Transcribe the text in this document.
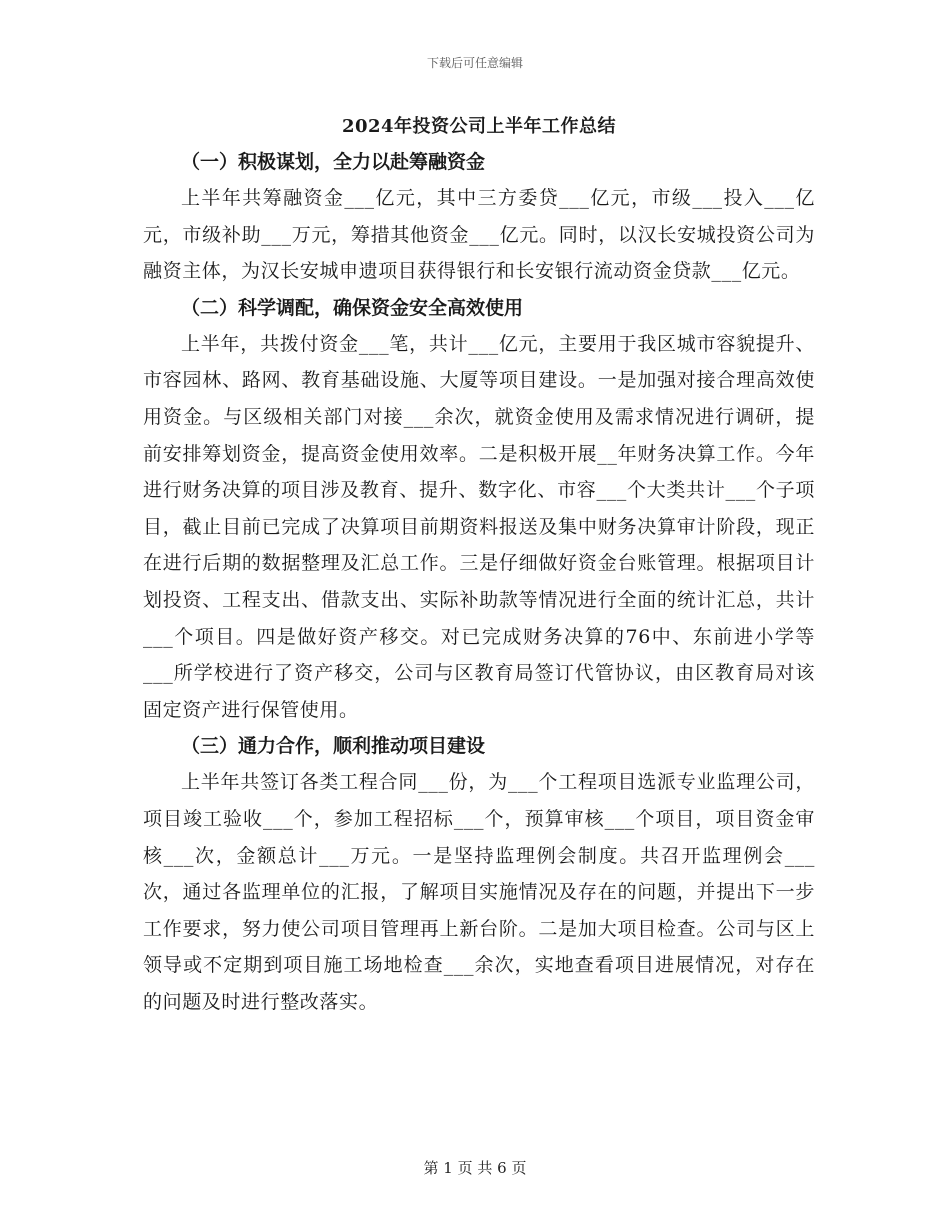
下载后可任意编辑
2024年投资公司上半年工作总结
（一）积极谋划，全力以赴筹融资金

上半年共筹融资金___亿元，其中三方委贷___亿元，市级___投入___亿元，市级补助___万元，筹措其他资金___亿元。同时，以汉长安城投资公司为融资主体，为汉长安城申遗项目获得银行和长安银行流动资金贷款___亿元。

（二）科学调配，确保资金安全高效使用

上半年，共拨付资金___笔，共计___亿元，主要用于我区城市容貌提升、市容园林、路网、教育基础设施、大厦等项目建设。一是加强对接合理高效使用资金。与区级相关部门对接___余次，就资金使用及需求情况进行调研，提前安排筹划资金，提高资金使用效率。二是积极开展__年财务决算工作。今年进行财务决算的项目涉及教育、提升、数字化、市容___个大类共计___个子项目，截止目前已完成了决算项目前期资料报送及集中财务决算审计阶段，现正在进行后期的数据整理及汇总工作。三是仔细做好资金台账管理。根据项目计划投资、工程支出、借款支出、实际补助款等情况进行全面的统计汇总，共计___个项目。四是做好资产移交。对已完成财务决算的76中、东前进小学等___所学校进行了资产移交，公司与区教育局签订代管协议，由区教育局对该固定资产进行保管使用。

（三）通力合作，顺利推动项目建设

上半年共签订各类工程合同___份，为___个工程项目选派专业监理公司，项目竣工验收___个，参加工程招标___个，预算审核___个项目，项目资金审核___次，金额总计___万元。一是坚持监理例会制度。共召开监理例会___次，通过各监理单位的汇报，了解项目实施情况及存在的问题，并提出下一步工作要求，努力使公司项目管理再上新台阶。二是加大项目检查。公司与区上领导或不定期到项目施工场地检查___余次，实地查看项目进展情况，对存在的问题及时进行整改落实。

第 1 页 共 6 页
